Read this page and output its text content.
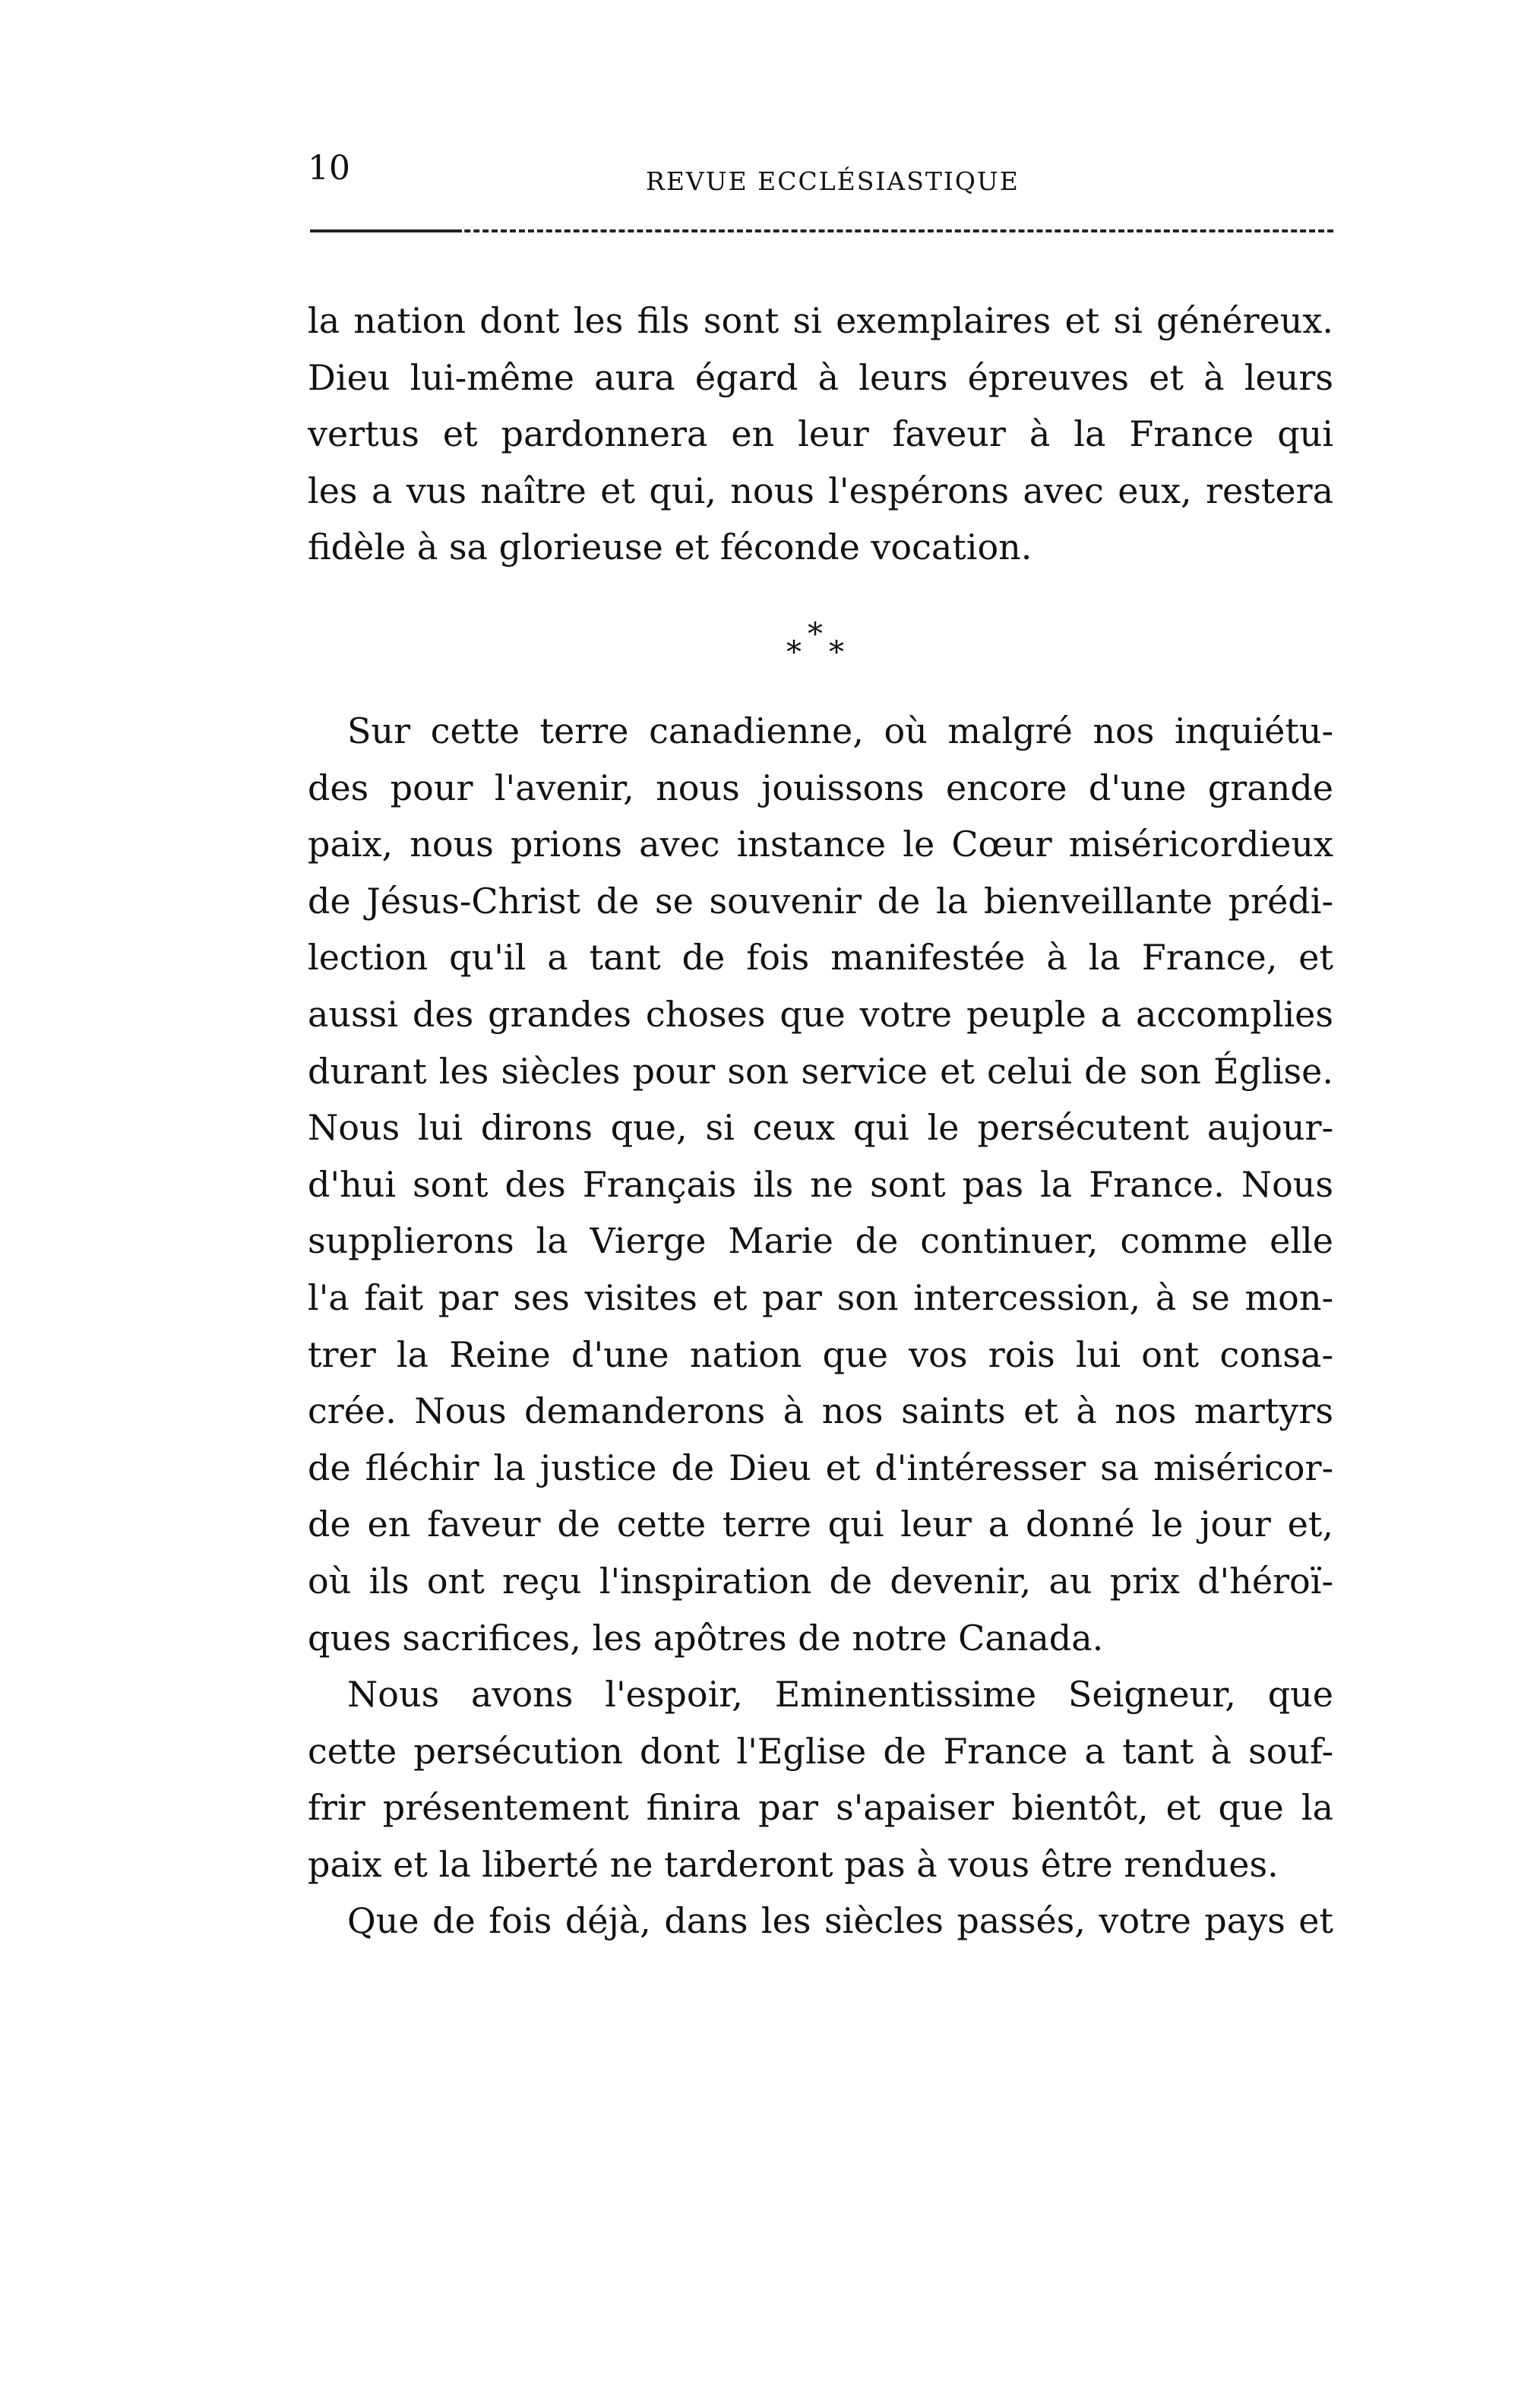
10	REVUE ECCLÉSIASTIQUE
la nation dont les fils sont si exemplaires et si généreux.
Dieu lui-même aura égard à leurs épreuves et à leurs
vertus et pardonnera en leur faveur à la France qui
les a vus naître et qui, nous l'espérons avec eux, restera
fidèle à sa glorieuse et féconde vocation.
*
* *
Sur cette terre canadienne, où malgré nos inquiétu-
des pour l'avenir, nous jouissons encore d'une grande
paix, nous prions avec instance le Cœur miséricordieux
de Jésus-Christ de se souvenir de la bienveillante prédi-
lection qu'il a tant de fois manifestée à la France, et
aussi des grandes choses que votre peuple a accomplies
durant les siècles pour son service et celui de son Église.
Nous lui dirons que, si ceux qui le persécutent aujour-
d'hui sont des Français ils ne sont pas la France. Nous
supplierons la Vierge Marie de continuer, comme elle
l'a fait par ses visites et par son intercession, à se mon-
trer la Reine d'une nation que vos rois lui ont consa-
crée. Nous demanderons à nos saints et à nos martyrs
de fléchir la justice de Dieu et d'intéresser sa miséricor-
de en faveur de cette terre qui leur a donné le jour et,
où ils ont reçu l'inspiration de devenir, au prix d'héroï-
ques sacrifices, les apôtres de notre Canada.
Nous avons l'espoir, Eminentissime Seigneur, que
cette persécution dont l'Eglise de France a tant à souf-
frir présentement finira par s'apaiser bientôt, et que la
paix et la liberté ne tarderont pas à vous être rendues.
Que de fois déjà, dans les siècles passés, votre pays et
